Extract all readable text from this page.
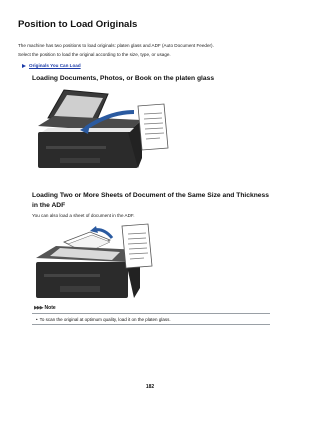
Position to Load Originals

The machine has two positions to load originals: platen glass and ADF (Auto Document Feeder).

Select the position to load the original according to the size, type, or usage.

Originals You Can Load
Loading Documents, Photos, or Book on the platen glass
Loading Two or More Sheets of Document of the Same Size and Thickness
in the ADF

You can also load a sheet of document in the ADF.

▶▶▶ Note
• To scan the original at optimum quality, load it on the platen glass.
182
